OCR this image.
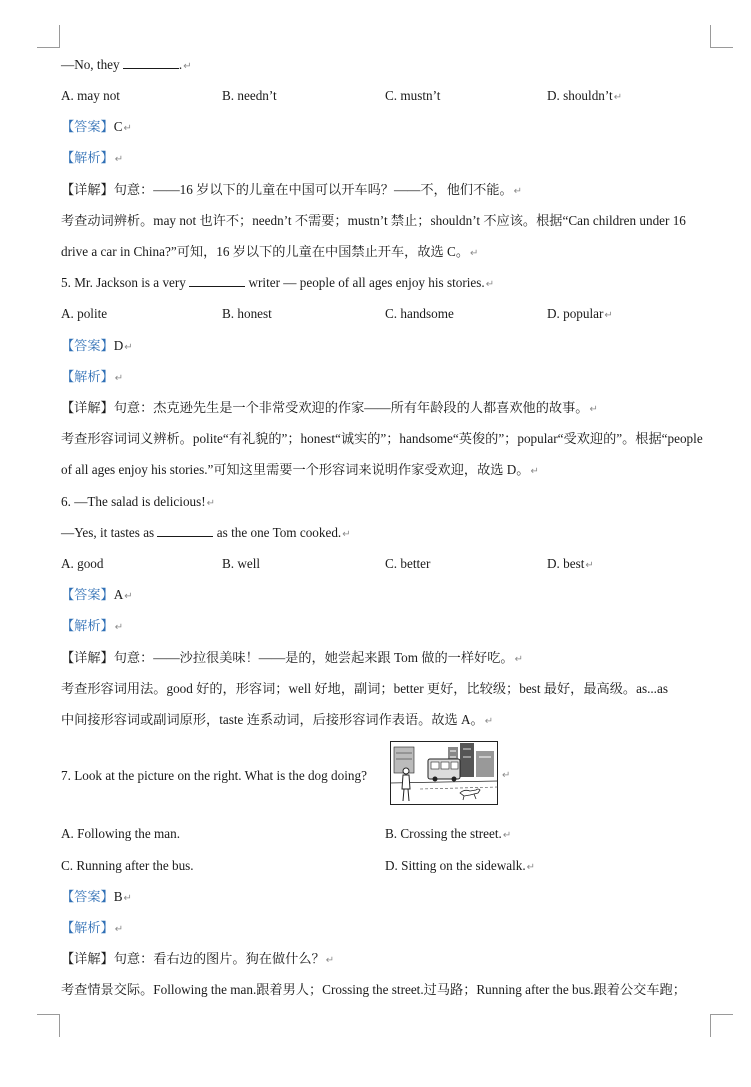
—No, they	.↵
A. may not	B. needn’t	C. mustn’t	D. shouldn’t↵
【答案】C↵
【解析】↵
【详解】句意：——16 岁以下的儿童在中国可以开车吗？——不，他们不能。↵
考查动词辨析。may not 也许不；needn’t 不需要；mustn’t 禁止；shouldn’t 不应该。根据“Can children under 16
drive a car in China?”可知，16 岁以下的儿童在中国禁止开车，故选 C。↵
5. Mr. Jackson is a very	writer — people of all ages enjoy his stories.↵
A. polite	B. honest	C. handsome	D. popular↵
【答案】D↵
【解析】↵
【详解】句意：杰克逊先生是一个非常受欢迎的作家——所有年龄段的人都喜欢他的故事。↵
考查形容词词义辨析。polite“有礼貌的”；honest“诚实的”；handsome“英俊的”；popular“受欢迎的”。根据“people
of all ages enjoy his stories.”可知这里需要一个形容词来说明作家受欢迎，故选 D。↵
6. —The salad is delicious!↵
—Yes, it tastes as	as the one Tom cooked.↵
A. good	B. well	C. better	D. best↵
【答案】A↵
【解析】↵
【详解】句意：——沙拉很美味！——是的，她尝起来跟 Tom 做的一样好吃。↵
考查形容词用法。good 好的，形容词；well 好地，副词；better 更好，比较级；best 最好，最高级。as...as
中间接形容词或副词原形，taste 连系动词，后接形容词作表语。故选 A。↵
7. Look at the picture on the right. What is the dog doing?	↵
A. Following the man.	B. Crossing the street.↵
C. Running after the bus.	D. Sitting on the sidewalk.↵
【答案】B↵
【解析】↵
【详解】句意：看右边的图片。狗在做什么？↵
考查情景交际。Following the man.跟着男人；Crossing the street.过马路；Running after the bus.跟着公交车跑；
